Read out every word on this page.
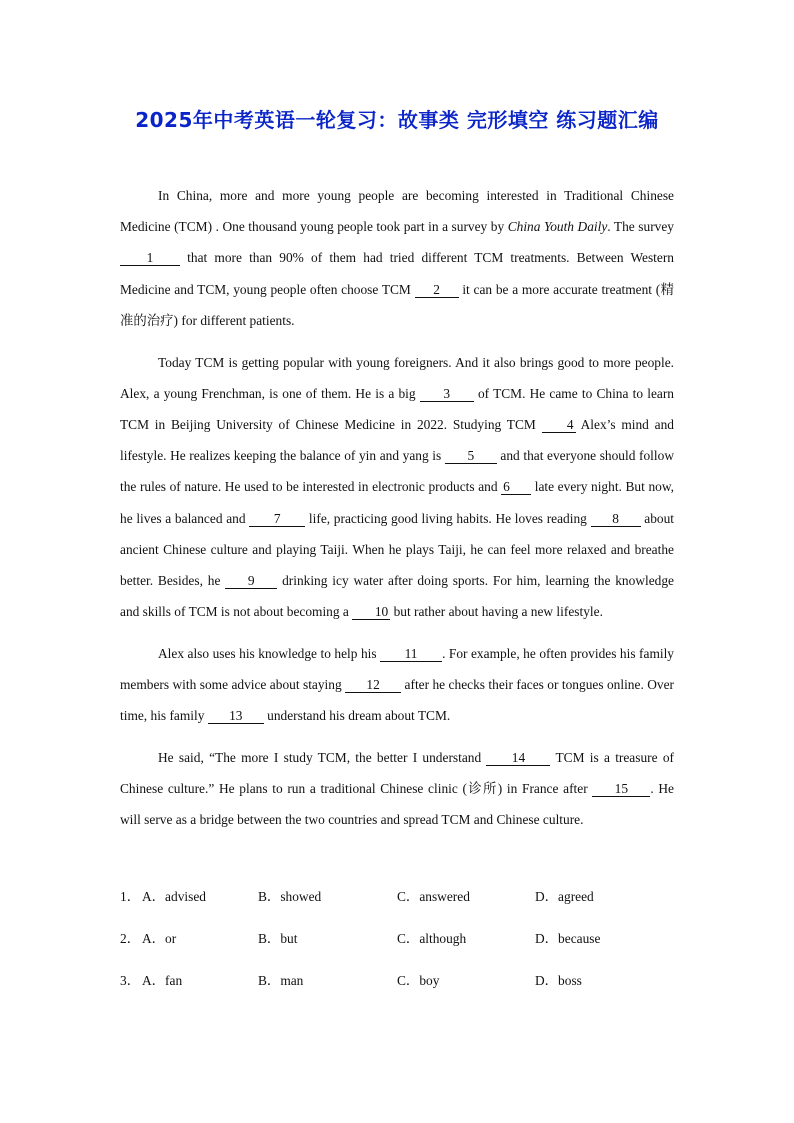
2025年中考英语一轮复习：故事类 完形填空 练习题汇编

In China, more and more young people are becoming interested in Traditional Chinese Medicine (TCM) . One thousand young people took part in a survey by China Youth Daily. The survey 1 that more than 90% of them had tried different TCM treatments. Between Western Medicine and TCM, young people often choose TCM 2 it can be a more accurate treatment (精准的治疗) for different patients.

Today TCM is getting popular with young foreigners. And it also brings good to more people. Alex, a young Frenchman, is one of them. He is a big 3 of TCM. He came to China to learn TCM in Beijing University of Chinese Medicine in 2022. Studying TCM 4 Alex’s mind and lifestyle. He realizes keeping the balance of yin and yang is 5 and that everyone should follow the rules of nature. He used to be interested in electronic products and 6 late every night. But now, he lives a balanced and 7 life, practicing good living habits. He loves reading 8 about ancient Chinese culture and playing Taiji. When he plays Taiji, he can feel more relaxed and breathe better. Besides, he 9 drinking icy water after doing sports. For him, learning the knowledge and skills of TCM is not about becoming a 10 but rather about having a new lifestyle.

Alex also uses his knowledge to help his 11 . For example, he often provides his family members with some advice about staying 12 after he checks their faces or tongues online. Over time, his family 13 understand his dream about TCM.

He said, “The more I study TCM, the better I understand 14 TCM is a treasure of Chinese culture.” He plans to run a traditional Chinese clinic (诊所) in France after 15 . He will serve as a bridge between the two countries and spread TCM and Chinese culture.

1． A．advised	B．showed	C．answered	D．agreed
2． A．or	B．but	C．although	D．because
3． A．fan	B．man	C．boy	D．boss
